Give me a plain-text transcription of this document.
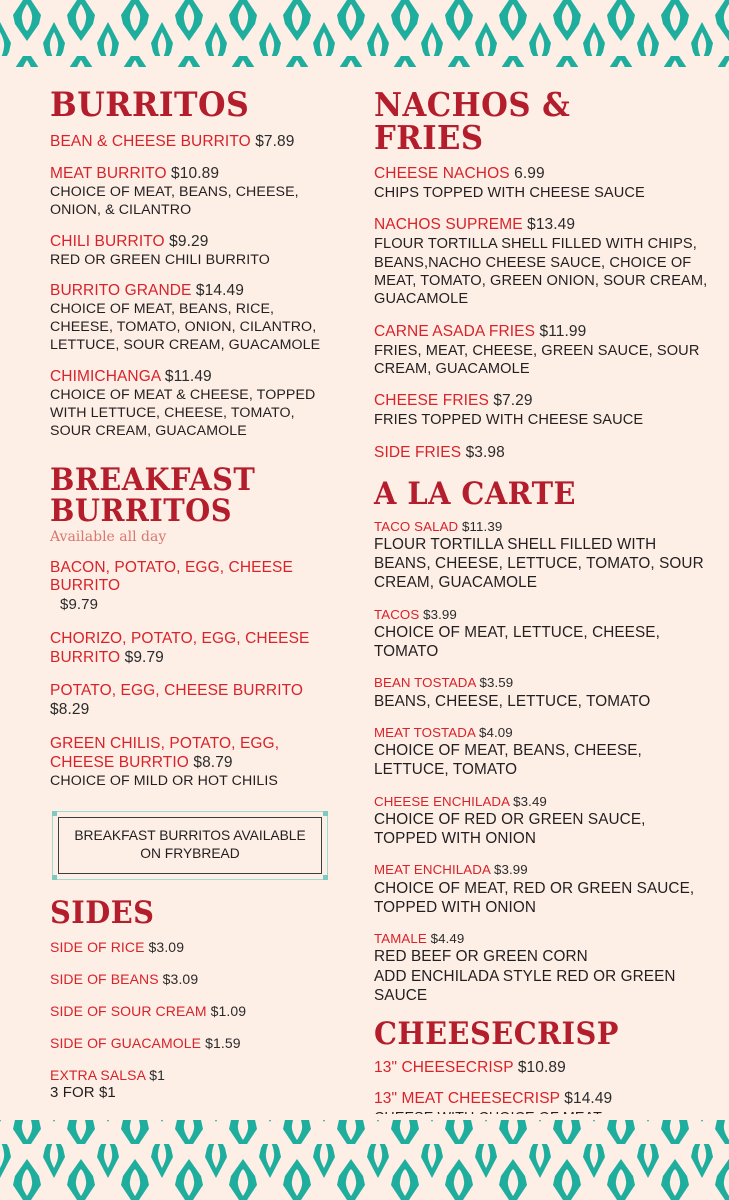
BURRITOS
BEAN & CHEESE BURRITO $7.89
MEAT BURRITO $10.89
CHOICE OF MEAT, BEANS, CHEESE, ONION, & CILANTRO
CHILI BURRITO $9.29
RED OR GREEN CHILI BURRITO
BURRITO GRANDE $14.49
CHOICE OF MEAT, BEANS, RICE, CHEESE, TOMATO, ONION, CILANTRO, LETTUCE, SOUR CREAM, GUACAMOLE
CHIMICHANGA $11.49
CHOICE OF MEAT & CHEESE, TOPPED WITH LETTUCE, CHEESE, TOMATO, SOUR CREAM, GUACAMOLE
BREAKFAST
BURRITOS
Available all day
BACON, POTATO, EGG, CHEESE BURRITO
$9.79
CHORIZO, POTATO, EGG, CHEESE BURRITO $9.79
POTATO, EGG, CHEESE BURRITO $8.29
GREEN CHILIS, POTATO, EGG, CHEESE BURRTIO $8.79
CHOICE OF MILD OR HOT CHILIS
BREAKFAST BURRITOS AVAILABLE ON FRYBREAD
SIDES
SIDE OF RICE $3.09
SIDE OF BEANS $3.09
SIDE OF SOUR CREAM $1.09
SIDE OF GUACAMOLE $1.59
EXTRA SALSA $1
3 FOR $1
NACHOS & FRIES
CHEESE NACHOS 6.99
CHIPS TOPPED WITH CHEESE SAUCE
NACHOS SUPREME $13.49
FLOUR TORTILLA SHELL FILLED WITH CHIPS, BEANS,NACHO CHEESE SAUCE, CHOICE OF MEAT, TOMATO, GREEN ONION, SOUR CREAM, GUACAMOLE
CARNE ASADA FRIES $11.99
FRIES, MEAT, CHEESE, GREEN SAUCE, SOUR CREAM, GUACAMOLE
CHEESE FRIES $7.29
FRIES TOPPED WITH CHEESE SAUCE
SIDE FRIES $3.98
A LA CARTE
TACO SALAD $11.39
FLOUR TORTILLA SHELL FILLED WITH BEANS, CHEESE, LETTUCE, TOMATO, SOUR CREAM, GUACAMOLE
TACOS $3.99
CHOICE OF MEAT, LETTUCE, CHEESE, TOMATO
BEAN TOSTADA $3.59
BEANS, CHEESE, LETTUCE, TOMATO
MEAT TOSTADA $4.09
CHOICE OF MEAT, BEANS, CHEESE, LETTUCE, TOMATO
CHEESE ENCHILADA $3.49
CHOICE OF RED OR GREEN SAUCE, TOPPED WITH ONION
MEAT ENCHILADA $3.99
CHOICE OF MEAT, RED OR GREEN SAUCE, TOPPED WITH ONION
TAMALE $4.49
RED BEEF OR GREEN CORN
ADD ENCHILADA STYLE RED OR GREEN SAUCE
CHEESECRISP
13" CHEESECRISP $10.89
13" MEAT CHEESECRISP $14.49
